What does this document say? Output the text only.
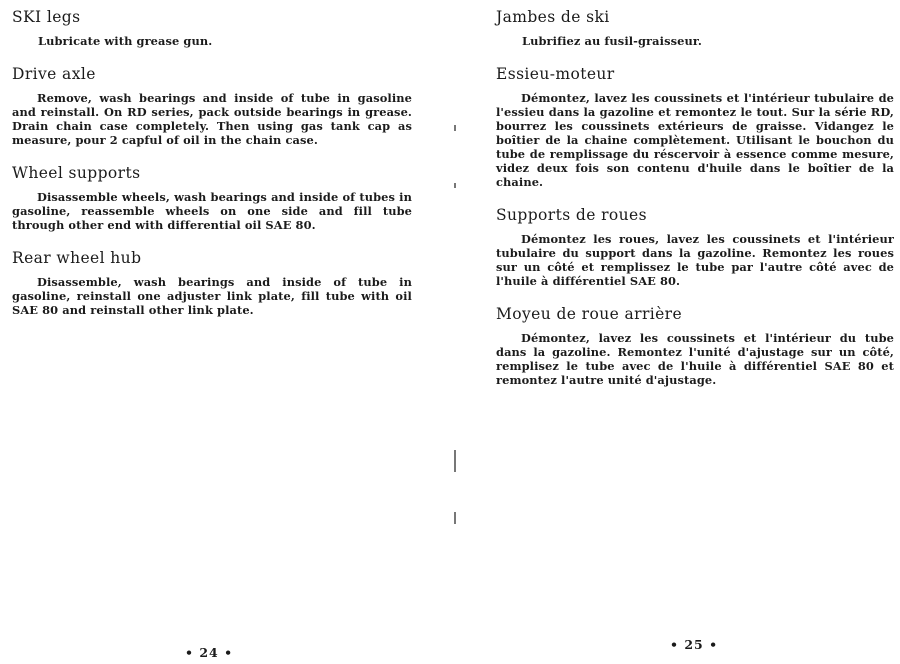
SKI legs

Lubricate with grease gun.

Drive axle

Remove, wash bearings and inside of tube in gasoline and reinstall. On RD series, pack outside bearings in grease. Drain chain case completely. Then using gas tank cap as measure, pour 2 capful of oil in the chain case.

Wheel supports

Disassemble wheels, wash bearings and inside of tubes in gasoline, reassemble wheels on one side and fill tube through other end with differential oil SAE 80.

Rear wheel hub

Disassemble, wash bearings and inside of tube in gasoline, reinstall one adjuster link plate, fill tube with oil SAE 80 and reinstall other link plate.

• 24 •
Jambes de ski

Lubrifiez au fusil-graisseur.

Essieu-moteur

Démontez, lavez les coussinets et l'intérieur tubulaire de l'essieu dans la gazoline et remontez le tout. Sur la série RD, bourrez les coussinets extérieurs de graisse. Vidangez le boîtier de la chaine complètement. Utilisant le bouchon du tube de remplissage du réscervoir à essence comme mesure, videz deux fois son contenu d'huile dans le boîtier de la chaine.

Supports de roues

Démontez les roues, lavez les coussinets et l'intérieur tubulaire du support dans la gazoline. Remontez les roues sur un côté et remplissez le tube par l'autre côté avec de l'huile à différentiel SAE 80.

Moyeu de roue arrière

Démontez, lavez les coussinets et l'intérieur du tube dans la gazoline. Remontez l'unité d'ajustage sur un côté, remplisez le tube avec de l'huile à différentiel SAE 80 et remontez l'autre unité d'ajustage.

• 25 •
